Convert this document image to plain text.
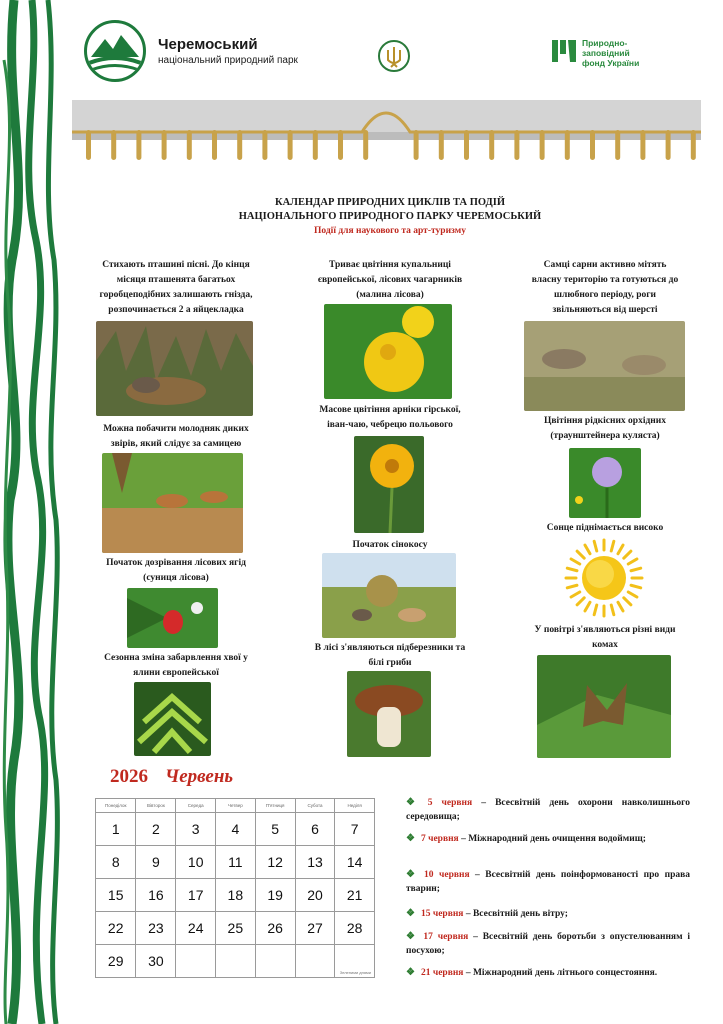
Черемоський
національний природний парк
Природно-
заповідний
фонд України
КАЛЕНДАР ПРИРОДНИХ ЦИКЛІВ ТА ПОДІЙ
НАЦІОНАЛЬНОГО ПРИРОДНОГО ПАРКУ ЧЕРЕМОСЬКИЙ
Події для наукового та арт-туризму
Стихають пташині пісні. До кінця
місяця пташенята багатьох
горобцеподібних залишають гнізда,
розпочинається 2 а яйцекладка
Можна побачити молодняк диких
звірів, який слідує за самицею
Початок дозрівання лісових ягід
(суниця лісова)
Сезонна зміна забарвлення хвої у
ялини європейської
Триває цвітіння купальниці
європейської, лісових чагарників
(малина лісова)
Масове цвітіння арніки гірської,
іван-чаю, чебрецю польового
Початок сінокосу
В лісі з'являються підберезники та
білі гриби
Самці сарни активно мітять
власну територію та готуються до
шлюбного періоду, роги
звільняються від шерсті
Цвітіння рідкісних орхідних
(траунштейнера кулястa)
Сонце піднімається високо
У повітрі з'являються різні види
комах
2026 Червень
Понеділок	Вівторок	Середа	Четвер	П'ятниця	Субота	Неділя
1	2	3	4	5	6	7
8	9	10	11	12	13	14
15	16	17	18	19	20	21
22	23	24	25	26	27	28
29	30					Зеленими днями
❖ 5 червня – Всесвітній день охорони навколишнього середовища;
❖ 7 червня – Міжнародний день очищення водоймищ;
❖ 10 червня – Всесвітній день поінформованості про права тварин;
❖ 15 червня – Всесвітній день вітру;
❖ 17 червня – Всесвітній день боротьби з опустелюванням і посухою;
❖ 21 червня – Міжнародний день літнього сонцестояння.
